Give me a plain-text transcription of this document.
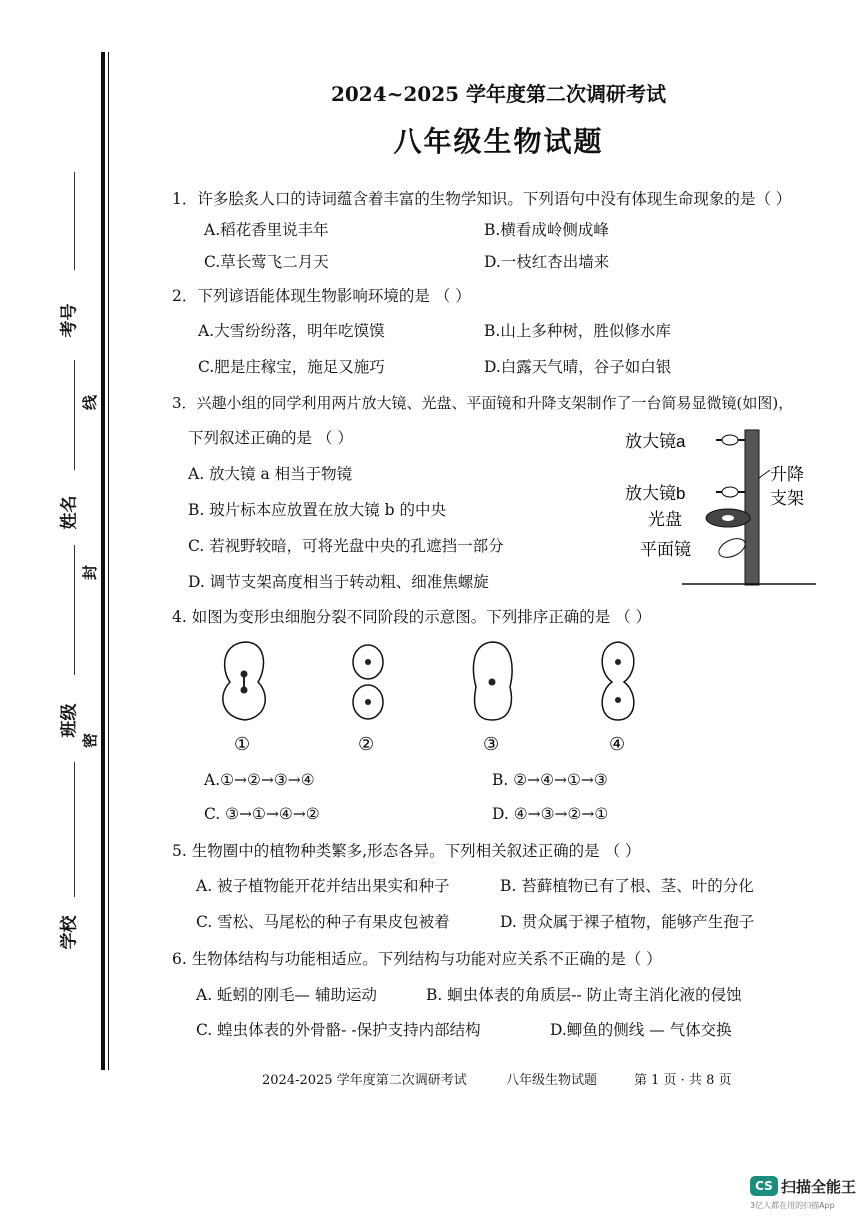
考号
姓名
班级
学校
线
封
密
2024~2025 学年度第二次调研考试
八年级生物试题
1．许多脍炙人口的诗词蕴含着丰富的生物学知识。下列语句中没有体现生命现象的是（ ）
A.稻花香里说丰年	B.横看成岭侧成峰
C.草长莺飞二月天	D.一枝红杏出墙来
2．下列谚语能体现生物影响环境的是 （ ）
A.大雪纷纷落，明年吃馍馍	B.山上多种树，胜似修水库
C.肥是庄稼宝，施足又施巧	D.白露天气晴，谷子如白银
3．兴趣小组的同学利用两片放大镜、光盘、平面镜和升降支架制作了一台简易显微镜(如图)，
下列叙述正确的是 （ ）
A. 放大镜 a 相当于物镜
B. 玻片标本应放置在放大镜 b 的中央
C. 若视野较暗，可将光盘中央的孔遮挡一部分
D. 调节支架高度相当于转动粗、细准焦螺旋
放大镜a
放大镜b
光盘
平面镜
升降
支架
4. 如图为变形虫细胞分裂不同阶段的示意图。下列排序正确的是 （ ）
①	②	③	④
A.①→②→③→④	B. ②→④→①→③
C. ③→①→④→②	D. ④→③→②→①
5. 生物圈中的植物种类繁多,形态各异。下列相关叙述正确的是 （ ）
A. 被子植物能开花并结出果实和种子	B. 苔藓植物已有了根、茎、叶的分化
C. 雪松、马尾松的种子有果皮包被着	D. 贯众属于裸子植物，能够产生孢子
6. 生物体结构与功能相适应。下列结构与功能对应关系不正确的是（ ）
A. 蚯蚓的刚毛— 辅助运动	B. 蛔虫体表的角质层-- 防止寄主消化液的侵蚀
C. 蝗虫体表的外骨骼- -保护支持内部结构	D.鲫鱼的侧线 — 气体交换
2024-2025 学年度第二次调研考试	八年级生物试题	第 1 页 · 共 8 页
CS 扫描全能王
3亿人都在用的扫描App
